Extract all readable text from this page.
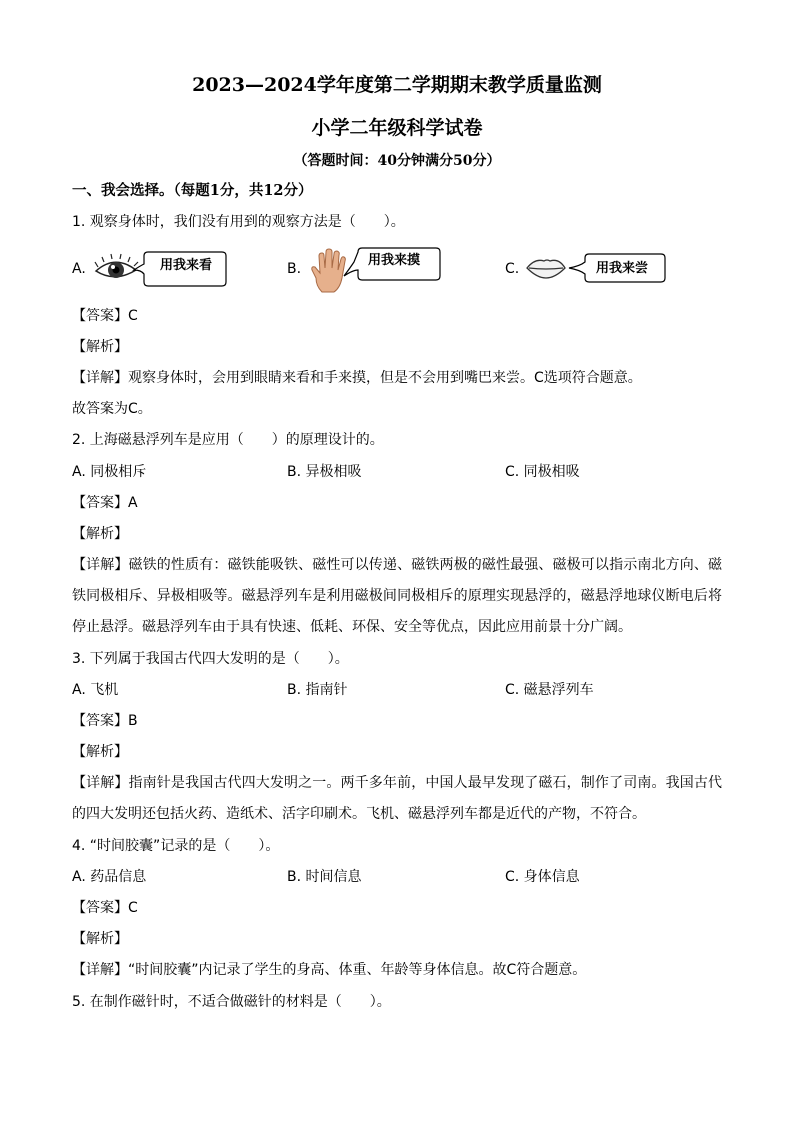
2023—2024学年度第二学期期末教学质量监测
小学二年级科学试卷
（答题时间：40分钟满分50分）
一、我会选择。（每题1分，共12分）
1. 观察身体时，我们没有用到的观察方法是（　　）。
A.	用我来看	B.
用我来摸
C.	用我来尝
【答案】C
【解析】
【详解】观察身体时，会用到眼睛来看和手来摸，但是不会用到嘴巴来尝。C选项符合题意。
故答案为C。
2. 上海磁悬浮列车是应用（　　）的原理设计的。
A. 同极相斥	B. 异极相吸	C. 同极相吸
【答案】A
【解析】
【详解】磁铁的性质有：磁铁能吸铁、磁性可以传递、磁铁两极的磁性最强、磁极可以指示南北方向、磁铁同极相斥、异极相吸等。磁悬浮列车是利用磁极间同极相斥的原理实现悬浮的，磁悬浮地球仪断电后将停止悬浮。磁悬浮列车由于具有快速、低耗、环保、安全等优点，因此应用前景十分广阔。
3. 下列属于我国古代四大发明的是（　　）。
A. 飞机	B. 指南针	C. 磁悬浮列车
【答案】B
【解析】
【详解】指南针是我国古代四大发明之一。两千多年前，中国人最早发现了磁石，制作了司南。我国古代的四大发明还包括火药、造纸术、活字印刷术。飞机、磁悬浮列车都是近代的产物，不符合。
4. “时间胶囊”记录的是（　　）。
A. 药品信息	B. 时间信息	C. 身体信息
【答案】C
【解析】
【详解】“时间胶囊”内记录了学生的身高、体重、年龄等身体信息。故C符合题意。
5. 在制作磁针时，不适合做磁针的材料是（　　）。
